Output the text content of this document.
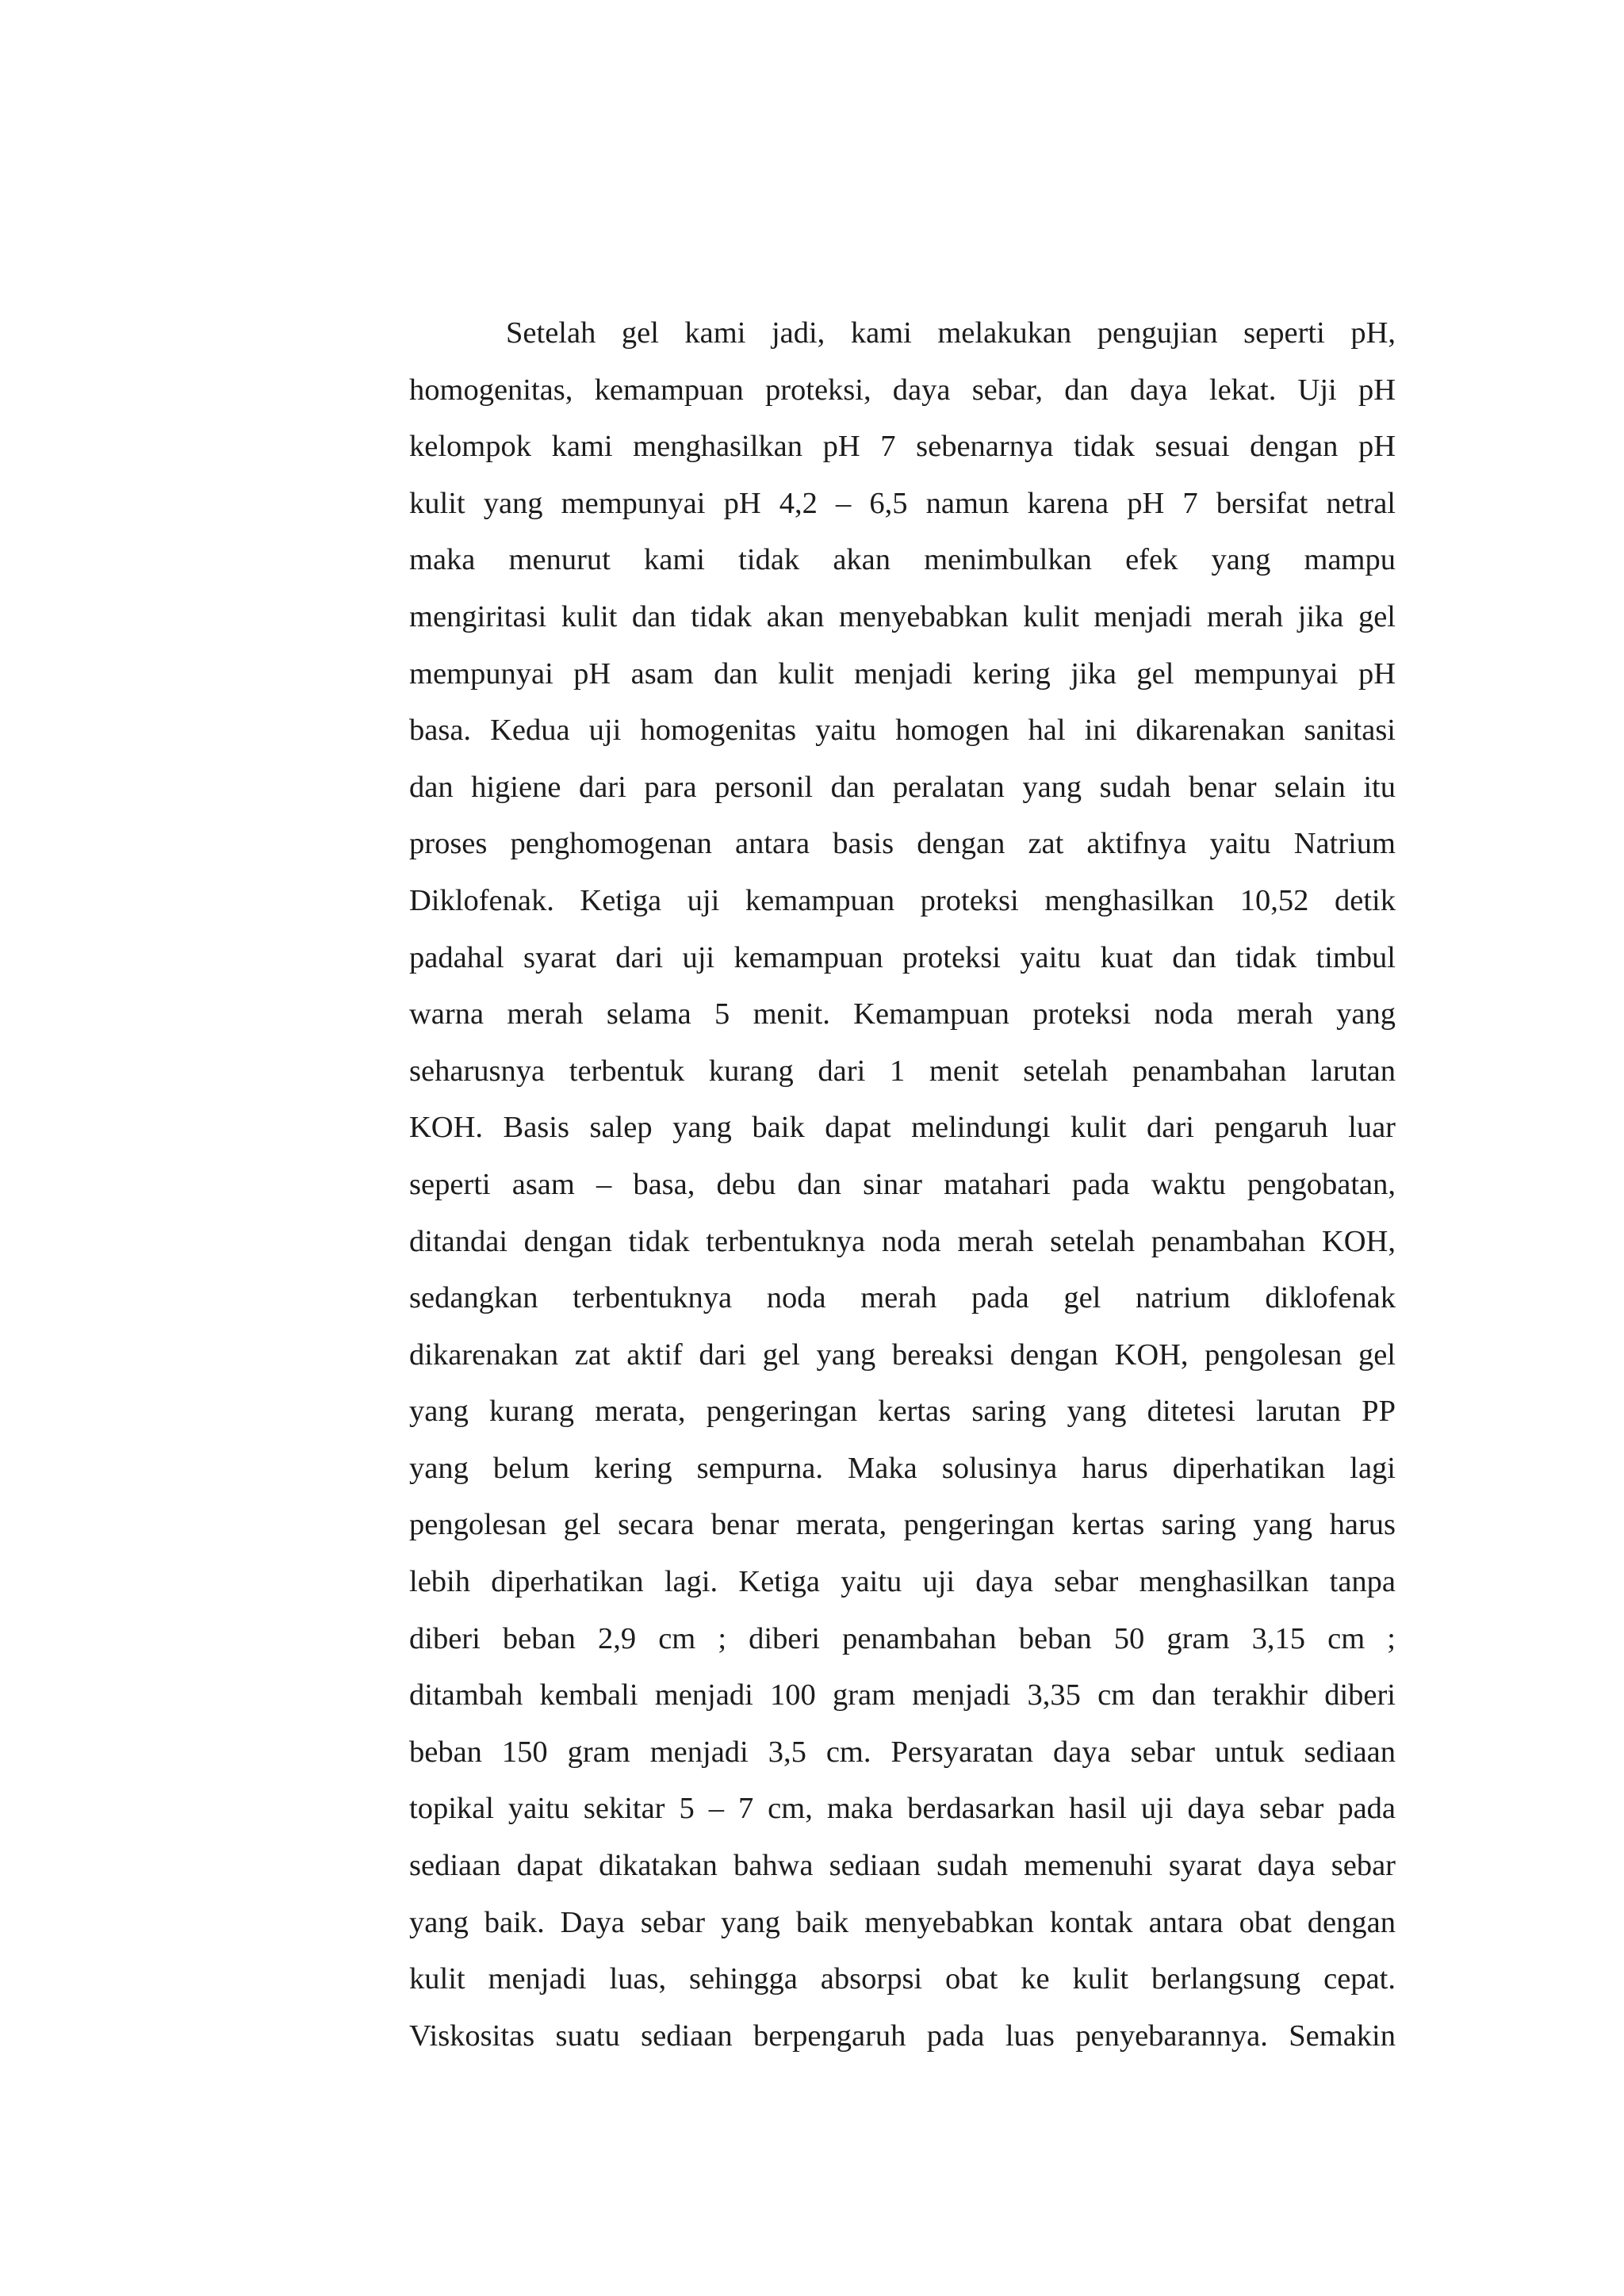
Setelah gel kami jadi, kami melakukan pengujian seperti pH,
homogenitas, kemampuan proteksi, daya sebar, dan daya lekat. Uji pH
kelompok kami menghasilkan pH 7 sebenarnya tidak sesuai dengan pH
kulit yang mempunyai pH 4,2 – 6,5 namun karena pH 7 bersifat netral
maka menurut kami tidak akan menimbulkan efek yang mampu
mengiritasi kulit dan tidak akan menyebabkan kulit menjadi merah jika gel
mempunyai pH asam dan kulit menjadi kering jika gel mempunyai pH
basa. Kedua uji homogenitas yaitu homogen hal ini dikarenakan sanitasi
dan higiene dari para personil dan peralatan yang sudah benar selain itu
proses penghomogenan antara basis dengan zat aktifnya yaitu Natrium
Diklofenak. Ketiga uji kemampuan proteksi menghasilkan 10,52 detik
padahal syarat dari uji kemampuan proteksi yaitu kuat dan tidak timbul
warna merah selama 5 menit. Kemampuan proteksi noda merah yang
seharusnya terbentuk kurang dari 1 menit setelah penambahan larutan
KOH. Basis salep yang baik dapat melindungi kulit dari pengaruh luar
seperti asam – basa, debu dan sinar matahari pada waktu pengobatan,
ditandai dengan tidak terbentuknya noda merah setelah penambahan KOH,
sedangkan terbentuknya noda merah pada gel natrium diklofenak
dikarenakan zat aktif dari gel yang bereaksi dengan KOH, pengolesan gel
yang kurang merata, pengeringan kertas saring yang ditetesi larutan PP
yang belum kering sempurna. Maka solusinya harus diperhatikan lagi
pengolesan gel secara benar merata, pengeringan kertas saring yang harus
lebih diperhatikan lagi. Ketiga yaitu uji daya sebar menghasilkan tanpa
diberi beban 2,9 cm ; diberi penambahan beban 50 gram 3,15 cm ;
ditambah kembali menjadi 100 gram menjadi 3,35 cm dan terakhir diberi
beban 150 gram menjadi 3,5 cm. Persyaratan daya sebar untuk sediaan
topikal yaitu sekitar 5 – 7 cm, maka berdasarkan hasil uji daya sebar pada
sediaan dapat dikatakan bahwa sediaan sudah memenuhi syarat daya sebar
yang baik. Daya sebar yang baik menyebabkan kontak antara obat dengan
kulit menjadi luas, sehingga absorpsi obat ke kulit berlangsung cepat.
Viskositas suatu sediaan berpengaruh pada luas penyebarannya. Semakin
